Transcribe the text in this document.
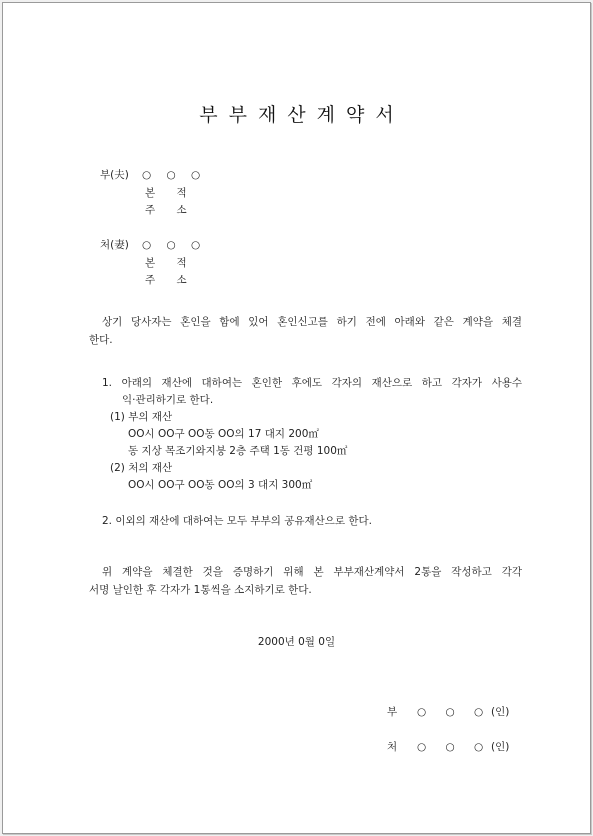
부부재산계약서
부(夫) ○ ○ ○
본 적
주 소
처(妻) ○ ○ ○
본 적
주 소
상기 당사자는 혼인을 함에 있어 혼인신고를 하기 전에 아래와 같은 계약을 체결
한다.
1. 아래의 재산에 대하여는 혼인한 후에도 각자의 재산으로 하고 각자가 사용수
익·관리하기로 한다.
(1) 부의 재산
OO시 OO구 OO동 OO의 17 대지 200㎡
동 지상 목조기와지붕 2층 주택 1동 건평 100㎡
(2) 처의 재산
OO시 OO구 OO동 OO의 3 대지 300㎡
2. 이외의 재산에 대하여는 모두 부부의 공유재산으로 한다.
위 계약을 체결한 것을 증명하기 위해 본 부부재산계약서 2통을 작성하고 각각
서명 날인한 후 각자가 1통씩을 소지하기로 한다.
2000년 0월 0일
부 ○ ○ ○ (인)
처 ○ ○ ○ (인)
